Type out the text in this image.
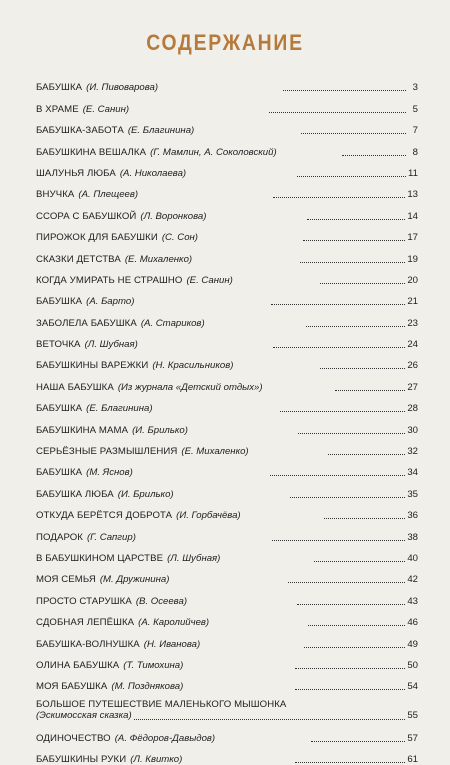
СОДЕРЖАНИЕ
БАБУШКА (И. Пивоварова)	3
В ХРАМЕ (Е. Санин)	5
БАБУШКА-ЗАБОТА (Е. Благинина)	7
БАБУШКИНА ВЕШАЛКА (Г. Мамлин, А. Соколовский)	8
ШАЛУНЬЯ ЛЮБА (А. Николаева)	11
ВНУЧКА (А. Плещеев)	13
ССОРА С БАБУШКОЙ (Л. Воронкова)	14
ПИРОЖОК ДЛЯ БАБУШКИ (С. Сон)	17
СКАЗКИ ДЕТСТВА (Е. Михаленко)	19
КОГДА УМИРАТЬ НЕ СТРАШНО (Е. Санин)	20
БАБУШКА (А. Барто)	21
ЗАБОЛЕЛА БАБУШКА (А. Стариков)	23
ВЕТОЧКА (Л. Шубная)	24
БАБУШКИНЫ ВАРЕЖКИ (Н. Красильников)	26
НАША БАБУШКА (Из журнала «Детский отдых»)	27
БАБУШКА (Е. Благинина)	28
БАБУШКИНА МАМА (И. Брилько)	30
СЕРЬЁЗНЫЕ РАЗМЫШЛЕНИЯ (Е. Михаленко)	32
БАБУШКА (М. Яснов)	34
БАБУШКА ЛЮБА (И. Брилько)	35
ОТКУДА БЕРЁТСЯ ДОБРОТА (И. Горбачёва)	36
ПОДАРОК (Г. Сапгир)	38
В БАБУШКИНОМ ЦАРСТВЕ (Л. Шубная)	40
МОЯ СЕМЬЯ (М. Дружинина)	42
ПРОСТО СТАРУШКА (В. Осеева)	43
СДОБНАЯ ЛЕПЁШКА (А. Каролийчев)	46
БАБУШКА-ВОЛНУШКА (Н. Иванова)	49
ОЛИНА БАБУШКА (Т. Тимохина)	50
МОЯ БАБУШКА (М. Позднякова)	54
БОЛЬШОЕ ПУТЕШЕСТВИЕ МАЛЕНЬКОГО МЫШОНКА
(Эскимосская сказка)	55
ОДИНОЧЕСТВО (А. Фёдоров-Давыдов)	57
БАБУШКИНЫ РУКИ (Л. Квитко)	61
